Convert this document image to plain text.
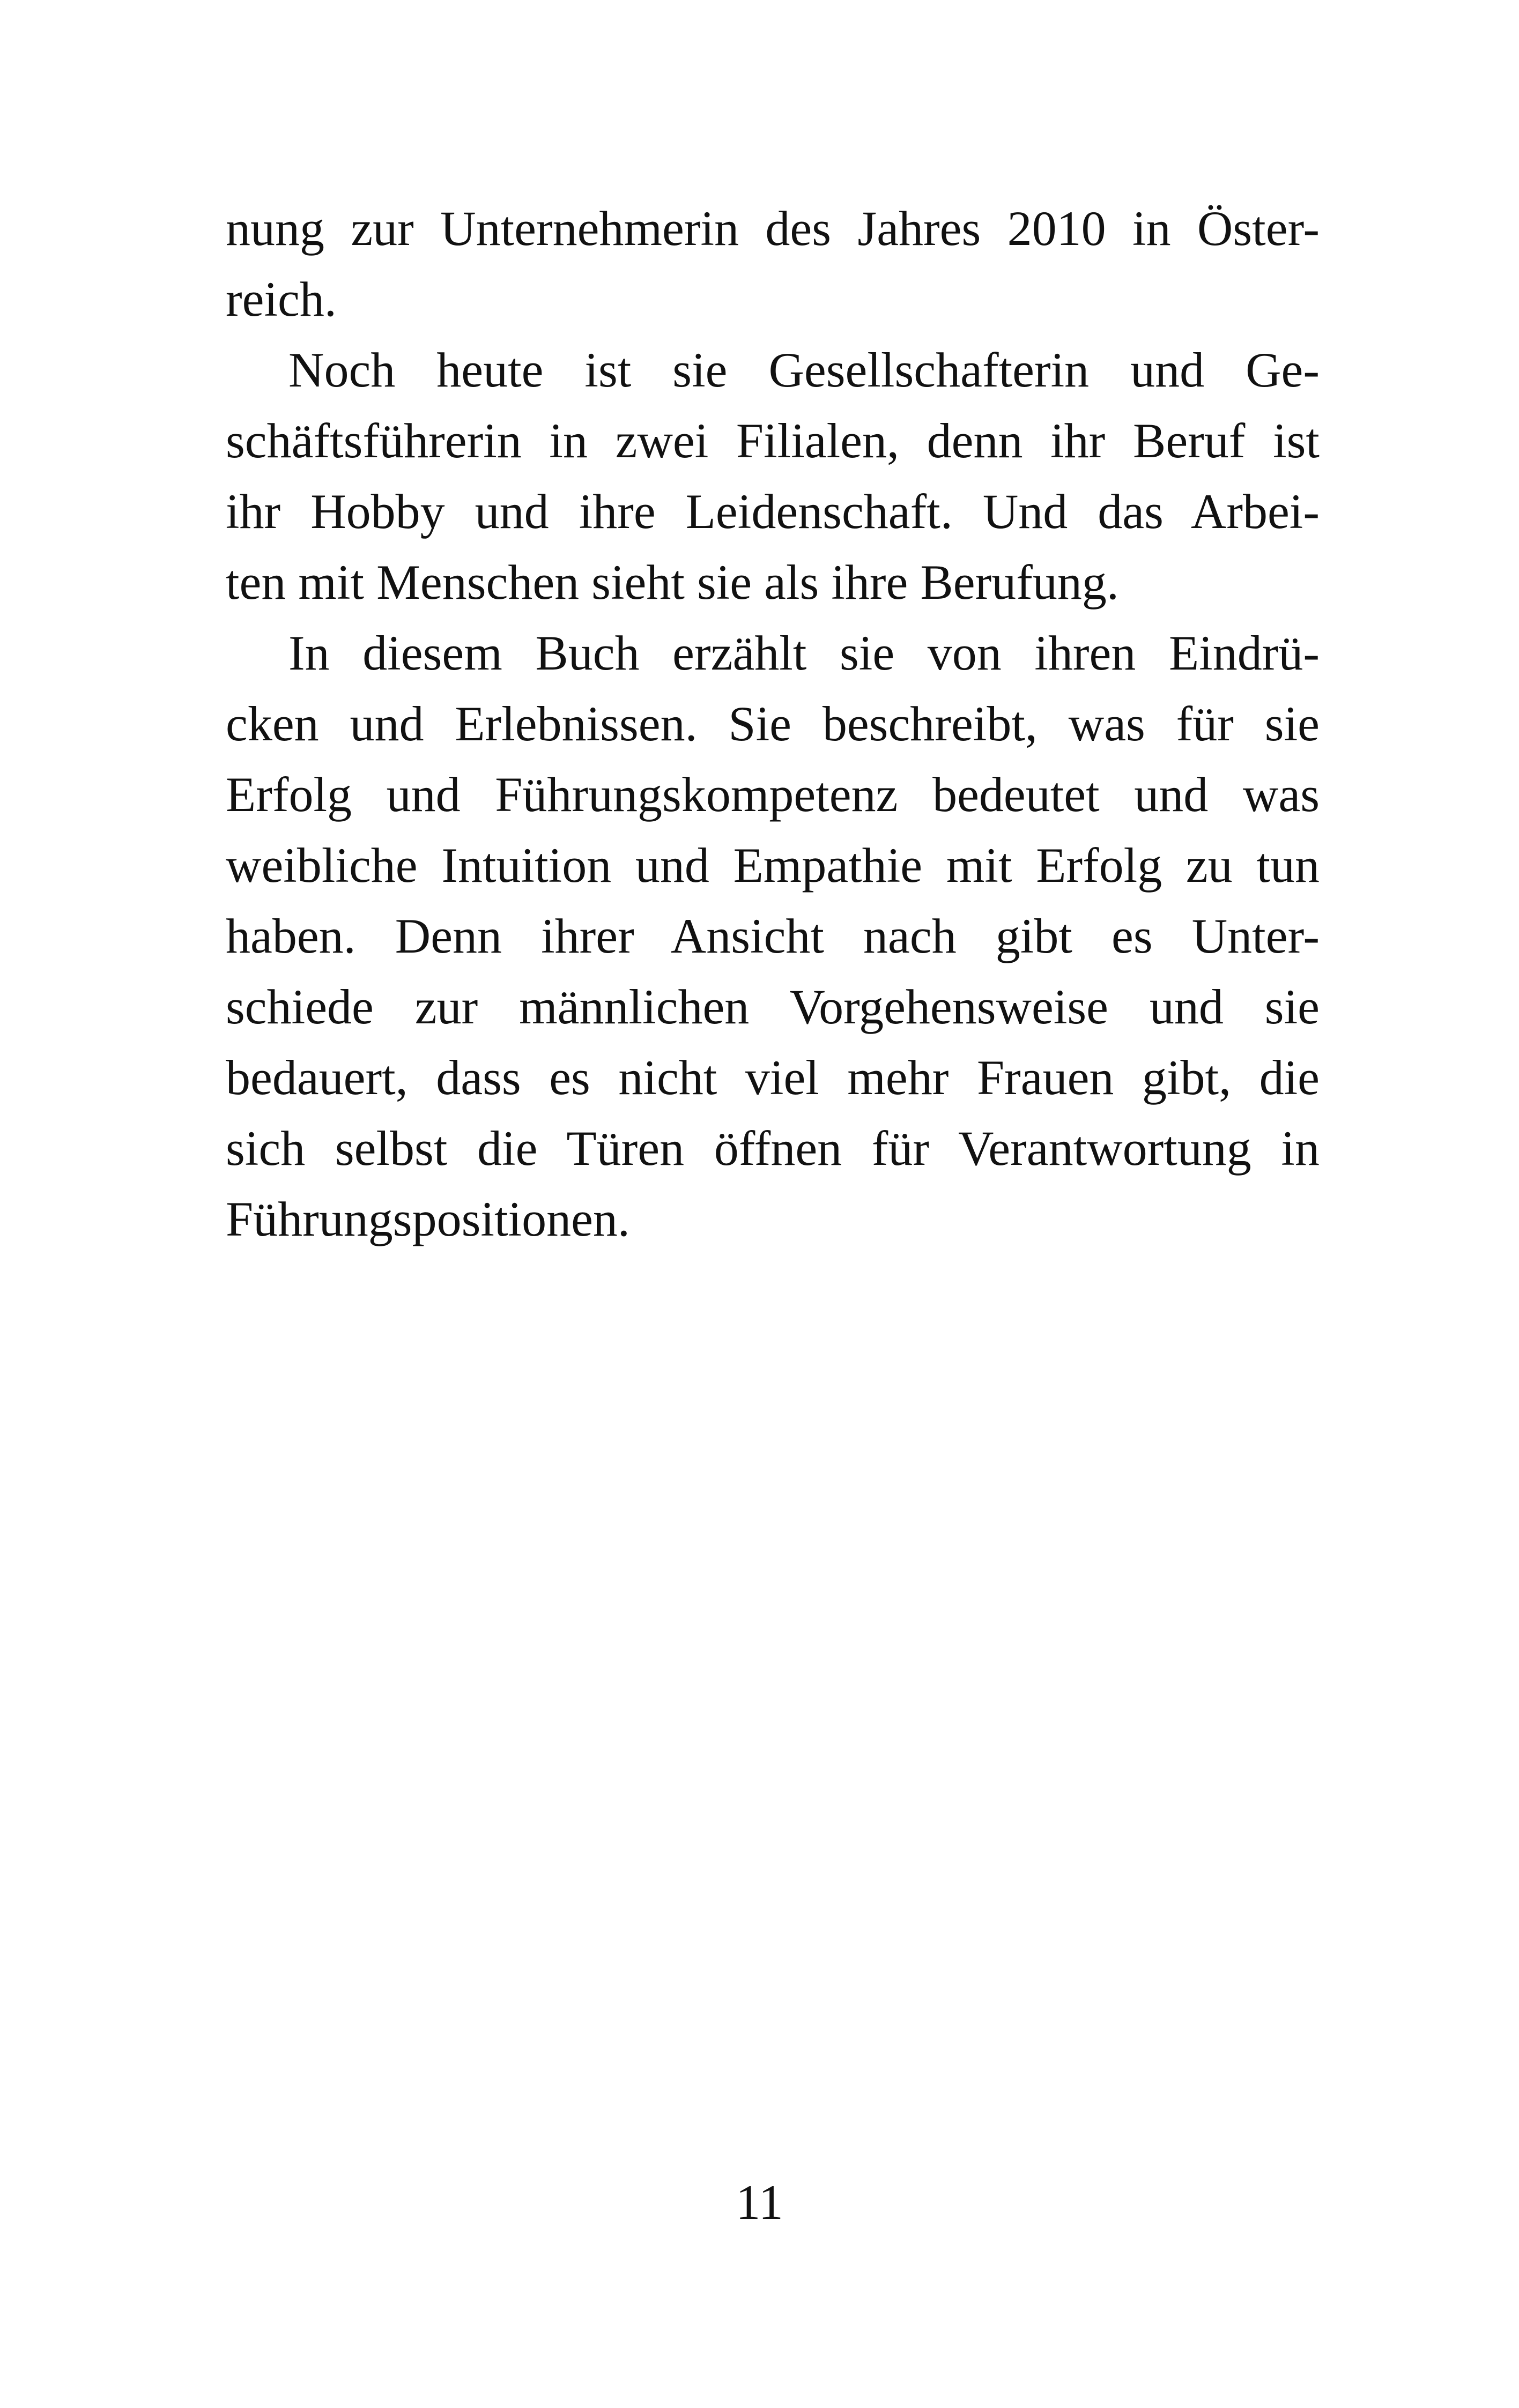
nung zur Unternehmerin des Jahres 2010 in Öster-
reich.
Noch heute ist sie Gesellschafterin und Ge-
schäftsführerin in zwei Filialen, denn ihr Beruf ist
ihr Hobby und ihre Leidenschaft. Und das Arbei-
ten mit Menschen sieht sie als ihre Berufung.
In diesem Buch erzählt sie von ihren Eindrü-
cken und Erlebnissen. Sie beschreibt, was für sie
Erfolg und Führungskompetenz bedeutet und was
weibliche Intuition und Empathie mit Erfolg zu tun
haben. Denn ihrer Ansicht nach gibt es Unter-
schiede zur männlichen Vorgehensweise und sie
bedauert, dass es nicht viel mehr Frauen gibt, die
sich selbst die Türen öffnen für Verantwortung in
Führungspositionen.
11
